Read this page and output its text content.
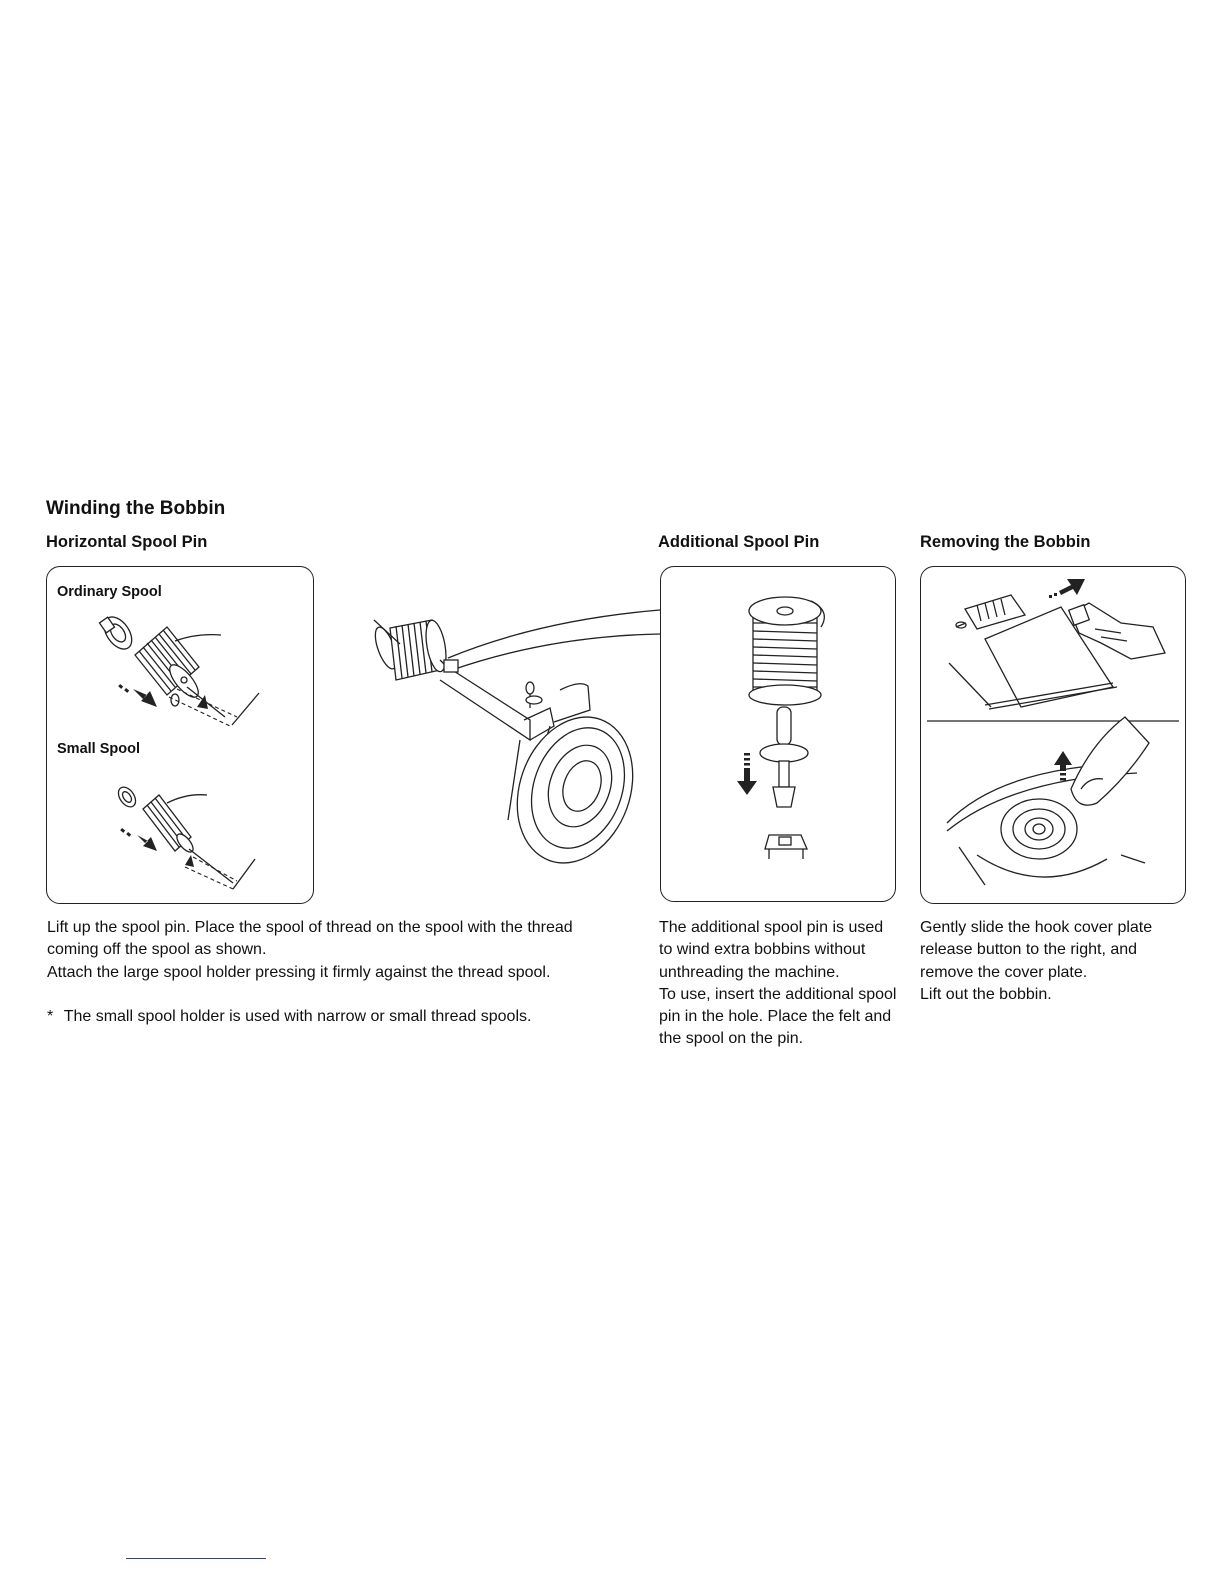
Winding the Bobbin
Horizontal Spool Pin	Additional Spool Pin	Removing the Bobbin
Ordinary Spool
Small Spool

Lift up the spool pin. Place the spool of thread on the spool with the thread coming off the spool as shown.

Attach the large spool holder pressing it firmly against the thread spool.

* The small spool holder is used with narrow or small thread spools.

The additional spool pin is used to wind extra bobbins without unthreading the machine.

To use, insert the additional spool pin in the hole. Place the felt and the spool on the pin.

Gently slide the hook cover plate release button to the right, and remove the cover plate.

Lift out the bobbin.
